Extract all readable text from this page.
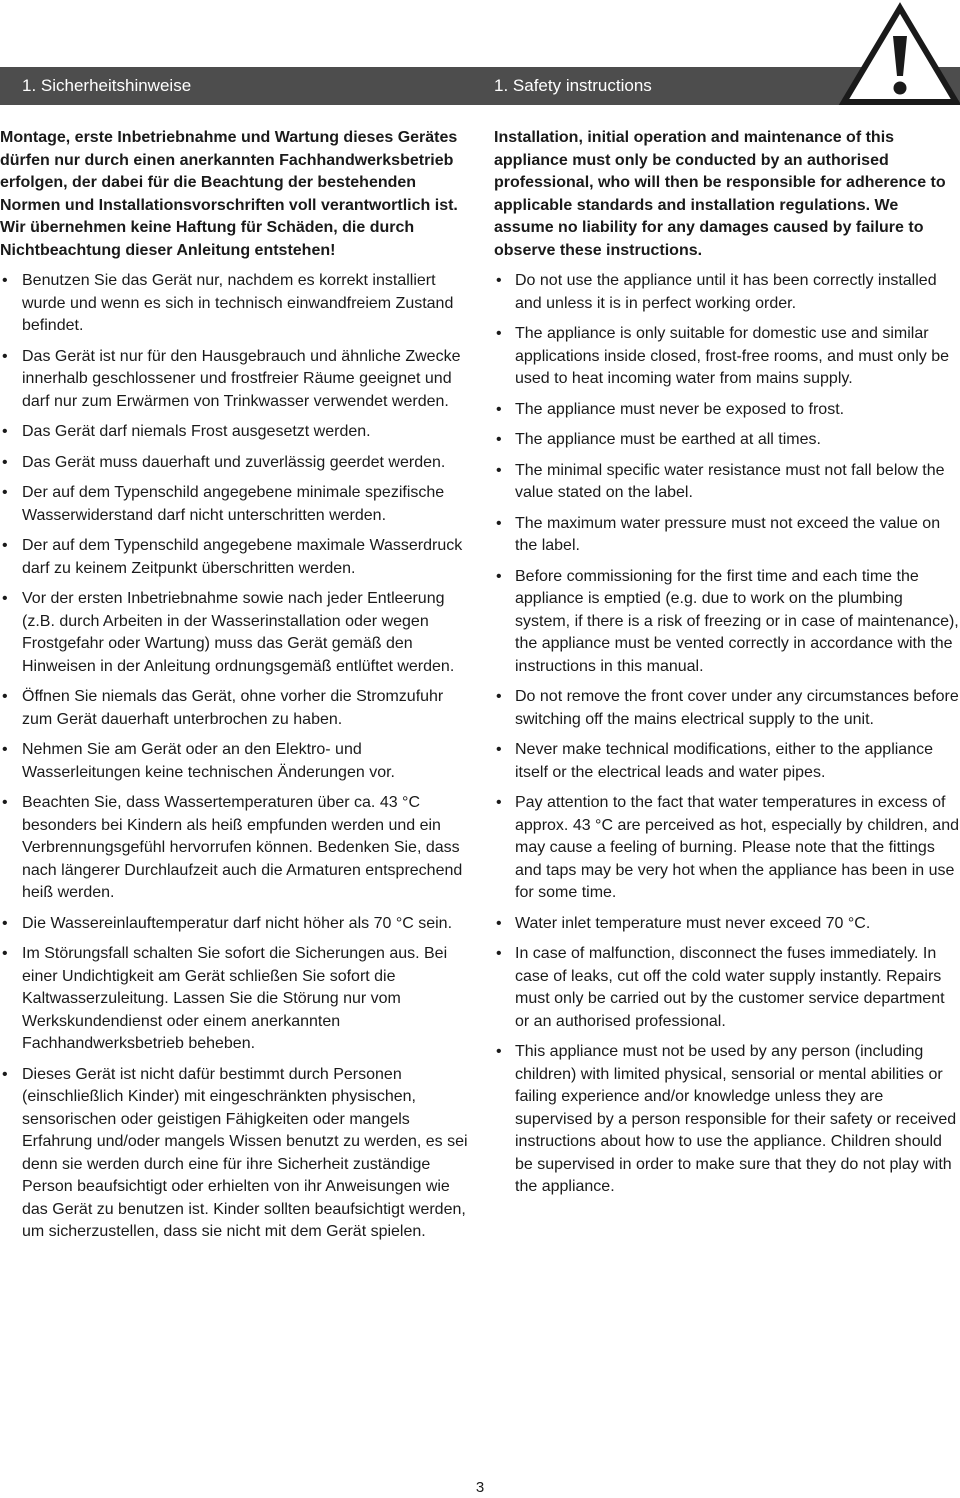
1. Sicherheitshinweise	1. Safety instructions

Montage, erste Inbetriebnahme und Wartung dieses Gerätes dürfen nur durch einen anerkannten Fachhandwerksbetrieb erfolgen, der dabei für die Beachtung der bestehenden Normen und Installationsvorschriften voll verantwortlich ist. Wir übernehmen keine Haftung für Schäden, die durch Nichtbeachtung dieser Anleitung entstehen!

• Benutzen Sie das Gerät nur, nachdem es korrekt installiert wurde und wenn es sich in technisch einwandfreiem Zustand befindet.
• Das Gerät ist nur für den Hausgebrauch und ähnliche Zwecke innerhalb geschlossener und frostfreier Räume geeignet und darf nur zum Erwärmen von Trinkwasser verwendet werden.
• Das Gerät darf niemals Frost ausgesetzt werden.
• Das Gerät muss dauerhaft und zuverlässig geerdet werden.
• Der auf dem Typenschild angegebene minimale spezifische Wasserwiderstand darf nicht unterschritten werden.
• Der auf dem Typenschild angegebene maximale Wasserdruck darf zu keinem Zeitpunkt überschritten werden.
• Vor der ersten Inbetriebnahme sowie nach jeder Entleerung (z.B. durch Arbeiten in der Wasserinstallation oder wegen Frostgefahr oder Wartung) muss das Gerät gemäß den Hinweisen in der Anleitung ordnungsgemäß entlüftet werden.
• Öffnen Sie niemals das Gerät, ohne vorher die Stromzufuhr zum Gerät dauerhaft unterbrochen zu haben.
• Nehmen Sie am Gerät oder an den Elektro- und Wasserleitungen keine technischen Änderungen vor.
• Beachten Sie, dass Wassertemperaturen über ca. 43 °C besonders bei Kindern als heiß empfunden werden und ein Verbrennungsgefühl hervorrufen können. Bedenken Sie, dass nach längerer Durchlaufzeit auch die Armaturen entsprechend heiß werden.
• Die Wassereinlauftemperatur darf nicht höher als 70 °C sein.
• Im Störungsfall schalten Sie sofort die Sicherungen aus. Bei einer Undichtigkeit am Gerät schließen Sie sofort die Kaltwasserzuleitung. Lassen Sie die Störung nur vom Werkskundendienst oder einem anerkannten Fachhandwerksbetrieb beheben.
• Dieses Gerät ist nicht dafür bestimmt durch Personen (einschließlich Kinder) mit eingeschränkten physischen, sensorischen oder geistigen Fähigkeiten oder mangels Erfahrung und/oder mangels Wissen benutzt zu werden, es sei denn sie werden durch eine für ihre Sicherheit zuständige Person beaufsichtigt oder erhielten von ihr Anweisungen wie das Gerät zu benutzen ist. Kinder sollten beaufsichtigt werden, um sicherzustellen, dass sie nicht mit dem Gerät spielen.

Installation, initial operation and maintenance of this appliance must only be conducted by an authorised professional, who will then be responsible for adherence to applicable standards and installation regulations. We assume no liability for any damages caused by failure to observe these instructions.

• Do not use the appliance until it has been correctly installed and unless it is in perfect working order.
• The appliance is only suitable for domestic use and similar applications inside closed, frost-free rooms, and must only be used to heat incoming water from mains supply.
• The appliance must never be exposed to frost.
• The appliance must be earthed at all times.
• The minimal specific water resistance must not fall below the value stated on the label.
• The maximum water pressure must not exceed the value on the label.
• Before commissioning for the first time and each time the appliance is emptied (e.g. due to work on the plumbing system, if there is a risk of freezing or in case of maintenance), the appliance must be vented correctly in accordance with the instructions in this manual.
• Do not remove the front cover under any circumstances before switching off the mains electrical supply to the unit.
• Never make technical modifications, either to the appliance itself or the electrical leads and water pipes.
• Pay attention to the fact that water temperatures in excess of approx. 43 °C are perceived as hot, especially by children, and may cause a feeling of burning. Please note that the fittings and taps may be very hot when the appliance has been in use for some time.
• Water inlet temperature must never exceed 70 °C.
• In case of malfunction, disconnect the fuses immediately. In case of leaks, cut off the cold water supply instantly. Repairs must only be carried out by the customer service department or an authorised professional.
• This appliance must not be used by any person (including children) with limited physical, sensorial or mental abilities or failing experience and/or knowledge unless they are supervised by a person responsible for their safety or received instructions about how to use the appliance. Children should be supervised in order to make sure that they do not play with the appliance.

3
